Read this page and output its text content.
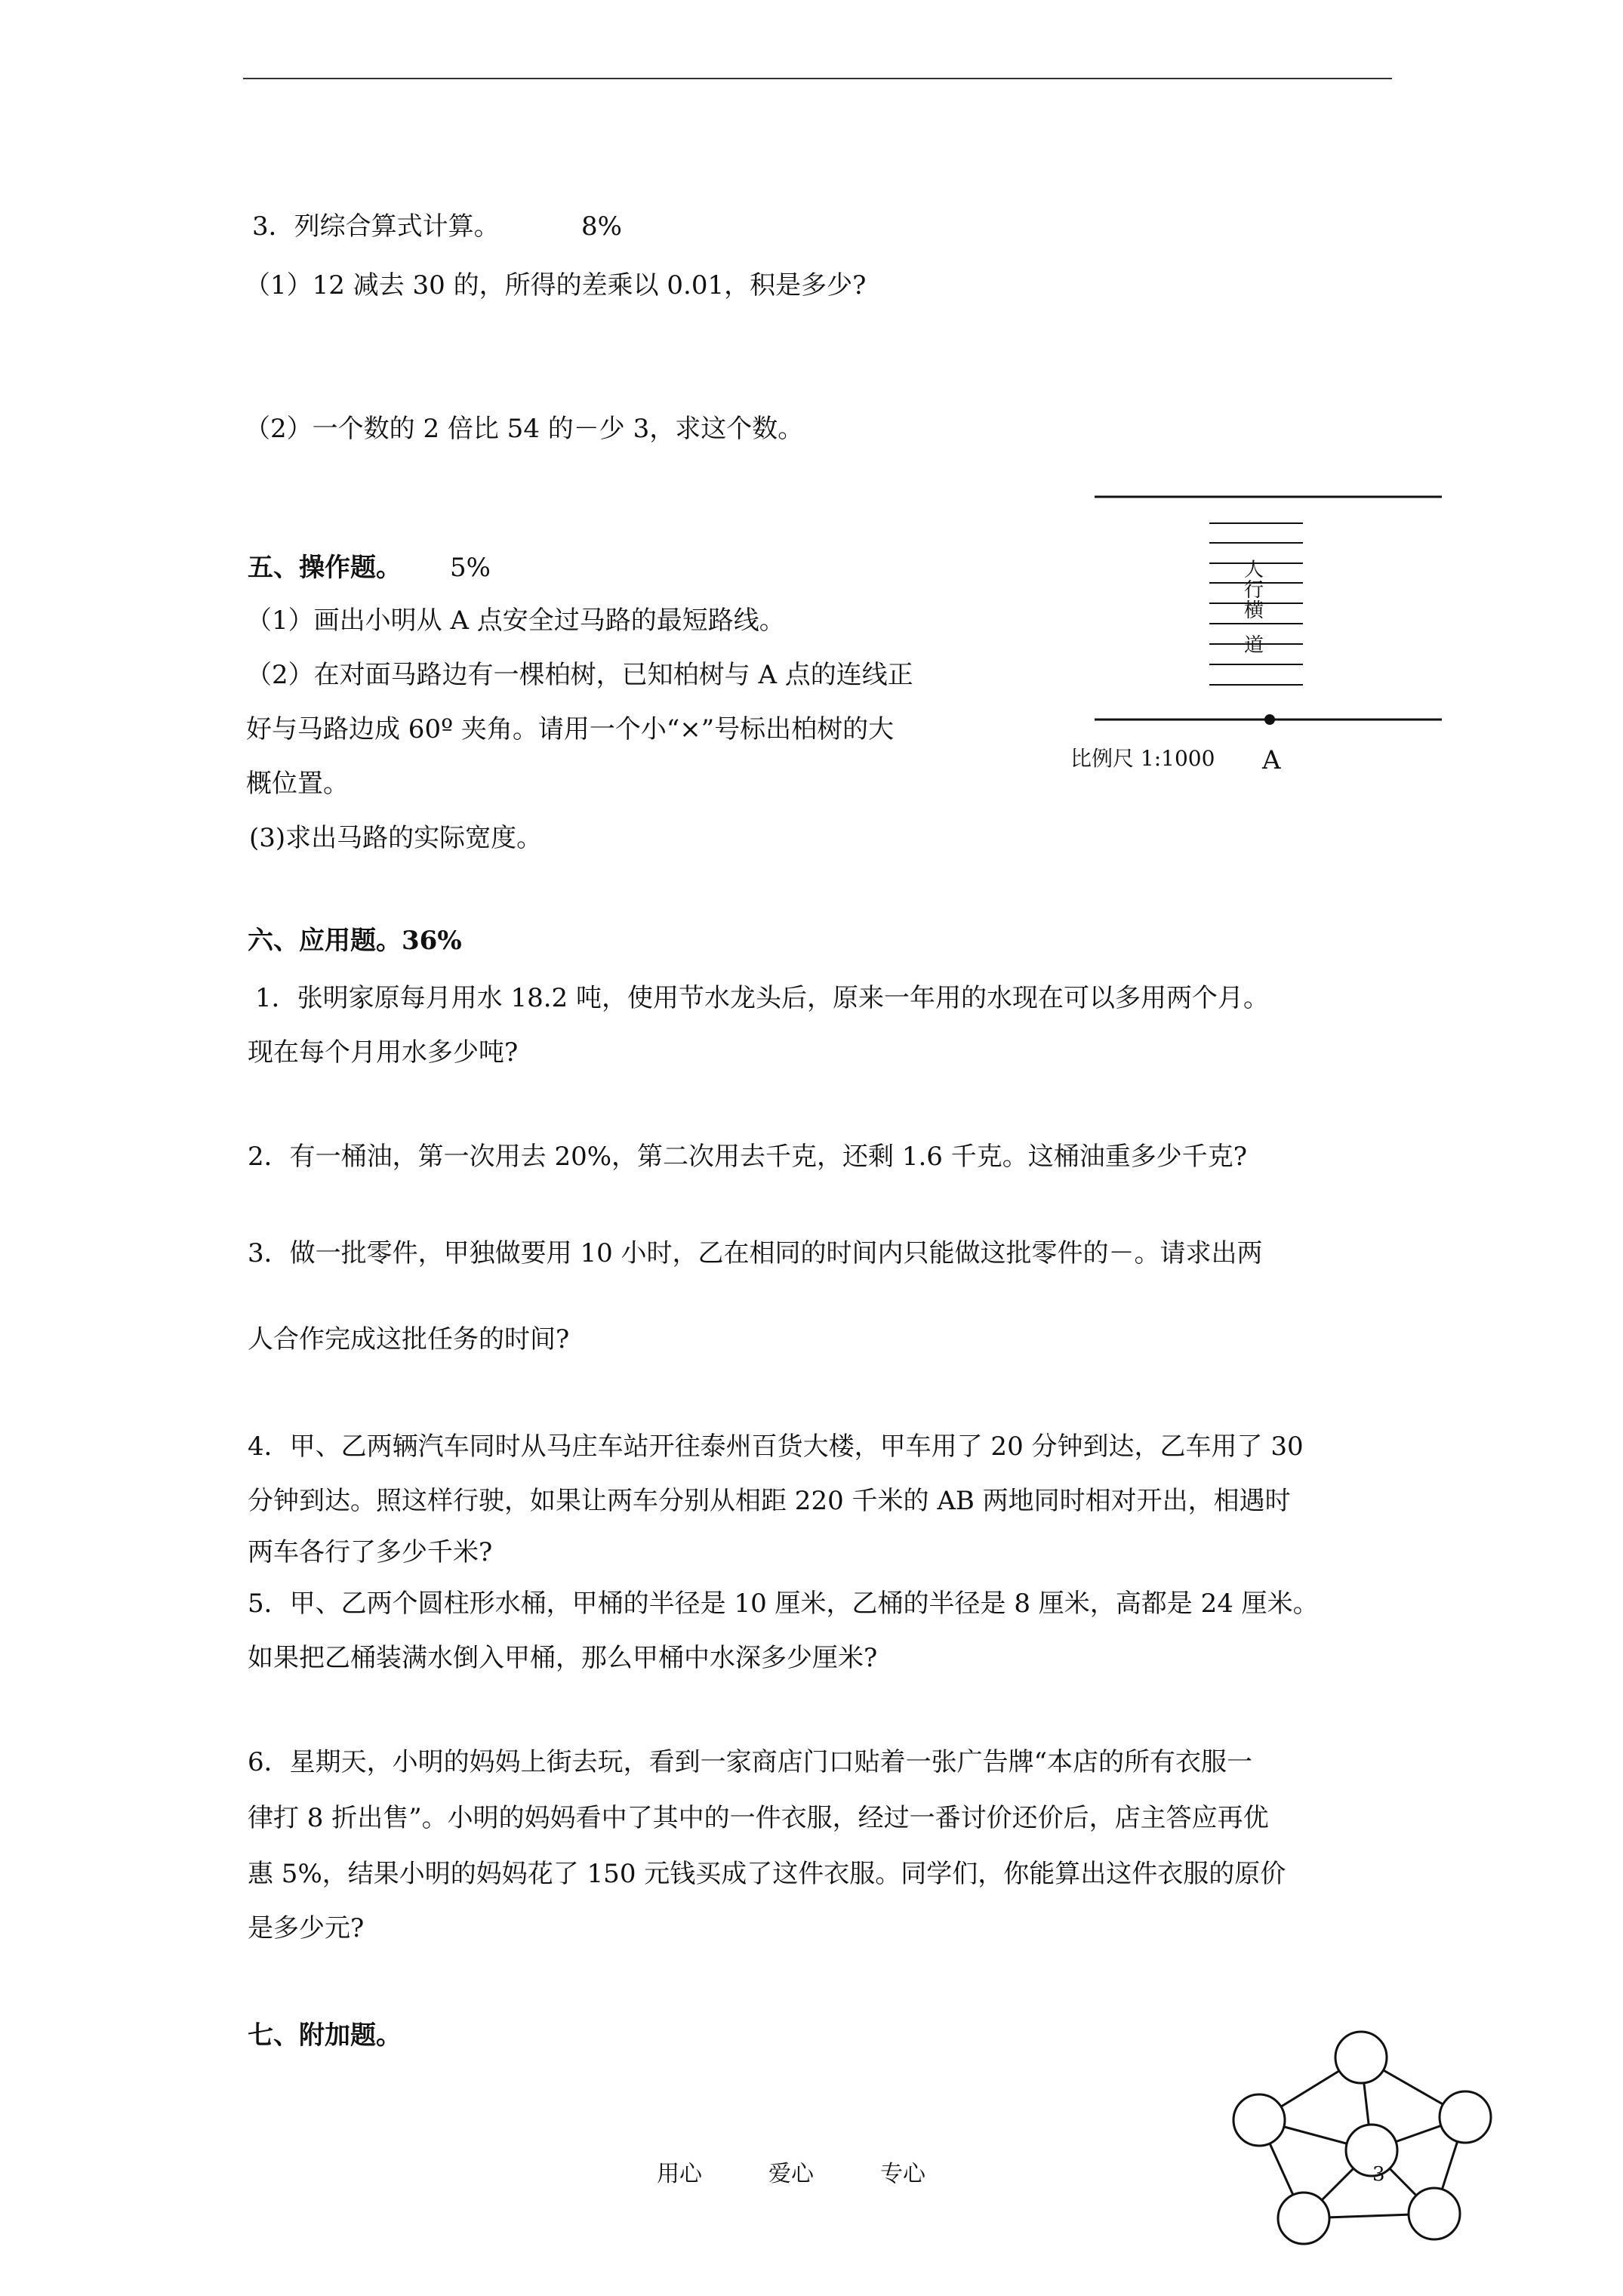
3．列综合算式计算。	8%
（1）12 减去 30 的，所得的差乘以 0.01，积是多少?
（2）一个数的 2 倍比 54 的－少 3，求这个数。
五、操作题。 5%
（1）画出小明从 A 点安全过马路的最短路线。
（2）在对面马路边有一棵柏树，已知柏树与 A 点的连线正
好与马路边成 60º 夹角。请用一个小“×”号标出柏树的大
概位置。
(3)求出马路的实际宽度。
人
行
横
道
比例尺 1:1000 A
六、应用题。36%
1．张明家原每月用水 18.2 吨，使用节水龙头后，原来一年用的水现在可以多用两个月。
现在每个月用水多少吨?
2．有一桶油，第一次用去 20%，第二次用去千克，还剩 1.6 千克。这桶油重多少千克?
3．做一批零件，甲独做要用 10 小时，乙在相同的时间内只能做这批零件的－。请求出两
人合作完成这批任务的时间?
4．甲、乙两辆汽车同时从马庄车站开往泰州百货大楼，甲车用了 20 分钟到达，乙车用了 30
分钟到达。照这样行驶，如果让两车分别从相距 220 千米的 AB 两地同时相对开出，相遇时
两车各行了多少千米?
5．甲、乙两个圆柱形水桶，甲桶的半径是 10 厘米，乙桶的半径是 8 厘米，高都是 24 厘米。
如果把乙桶装满水倒入甲桶，那么甲桶中水深多少厘米?
6．星期天，小明的妈妈上街去玩，看到一家商店门口贴着一张广告牌“本店的所有衣服一
律打 8 折出售”。小明的妈妈看中了其中的一件衣服，经过一番讨价还价后，店主答应再优
惠 5%，结果小明的妈妈花了 150 元钱买成了这件衣服。同学们，你能算出这件衣服的原价
是多少元?
七、附加题。
用心	爱心	专心	3
